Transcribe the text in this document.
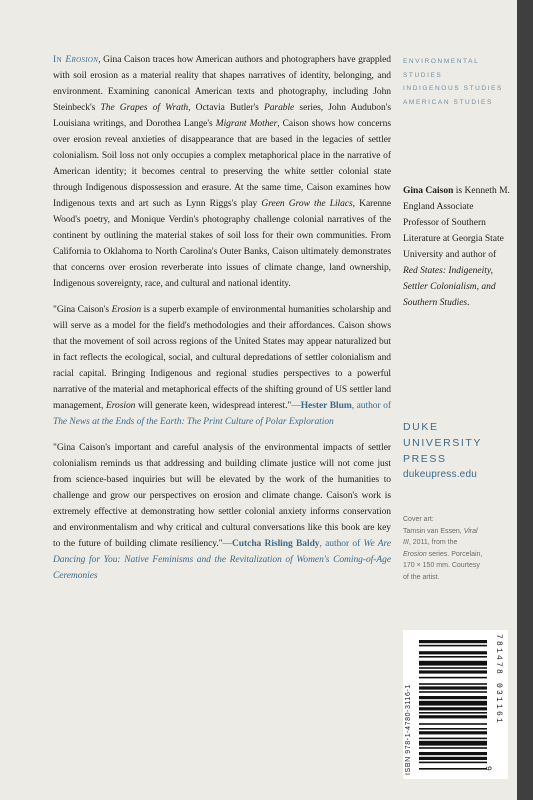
In Erosion, Gina Caison traces how American authors and photographers have grappled with soil erosion as a material reality that shapes narratives of identity, belonging, and environment. Examining canonical American texts and photography, including John Steinbeck's The Grapes of Wrath, Octavia Butler's Parable series, John Audubon's Louisiana writings, and Dorothea Lange's Migrant Mother, Caison shows how concerns over erosion reveal anxieties of disappearance that are based in the legacies of settler colonialism. Soil loss not only occupies a complex metaphorical place in the narrative of American identity; it becomes central to preserving the white settler colonial state through Indigenous dispossession and erasure. At the same time, Caison examines how Indigenous texts and art such as Lynn Riggs's play Green Grow the Lilacs, Karenne Wood's poetry, and Monique Verdin's photography challenge colonial narratives of the continent by outlining the material stakes of soil loss for their own communities. From California to Oklahoma to North Carolina's Outer Banks, Caison ultimately demonstrates that concerns over erosion reverberate into issues of climate change, land ownership, Indigenous sovereignty, race, and cultural and national identity.

"Gina Caison's Erosion is a superb example of environmental humanities scholarship and will serve as a model for the field's methodologies and their affordances. Caison shows that the movement of soil across regions of the United States may appear naturalized but in fact reflects the ecological, social, and cultural depredations of settler colonialism and racial capital. Bringing Indigenous and regional studies perspectives to a powerful narrative of the material and metaphorical effects of the shifting ground of US settler land management, Erosion will generate keen, widespread interest."—Hester Blum, author of The News at the Ends of the Earth: The Print Culture of Polar Exploration

"Gina Caison's important and careful analysis of the environmental impacts of settler colonialism reminds us that addressing and building climate justice will not come just from science-based inquiries but will be elevated by the work of the humanities to challenge and grow our perspectives on erosion and climate change. Caison's work is extremely effective at demonstrating how settler colonial anxiety informs conservation and environmentalism and why critical and cultural conversations like this book are key to the future of building climate resiliency."—Cutcha Risling Baldy, author of We Are Dancing for You: Native Feminisms and the Revitalization of Women's Coming-of-Age Ceremonies

ENVIRONMENTAL STUDIES
INDIGENOUS STUDIES
AMERICAN STUDIES
Gina Caison is Kenneth M. England Associate Professor of Southern Literature at Georgia State University and author of Red States: Indigeneity, Settler Colonialism, and Southern Studies.
DUKE
UNIVERSITY
PRESS
dukeupress.edu
Cover art:
Tamsin van Essen, Viral III, 2011, from the Erosion series. Porcelain, 170 × 150 mm. Courtesy of the artist.
ISBN 978-1-4780-3116-1
781478 031161
9
